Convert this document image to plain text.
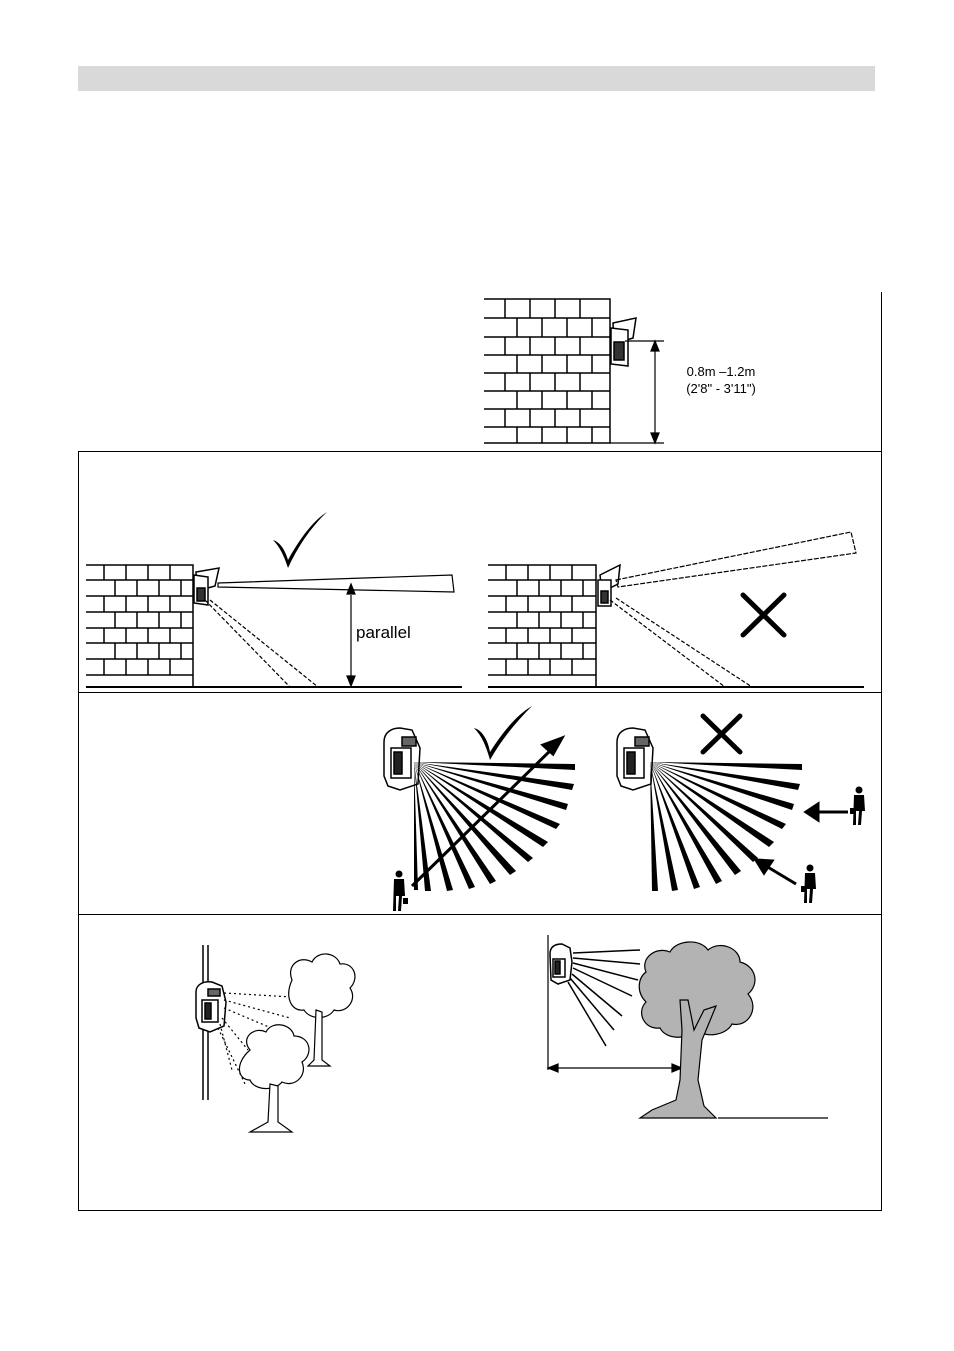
0.8m –1.2m
(2'8" - 3'11")
parallel
